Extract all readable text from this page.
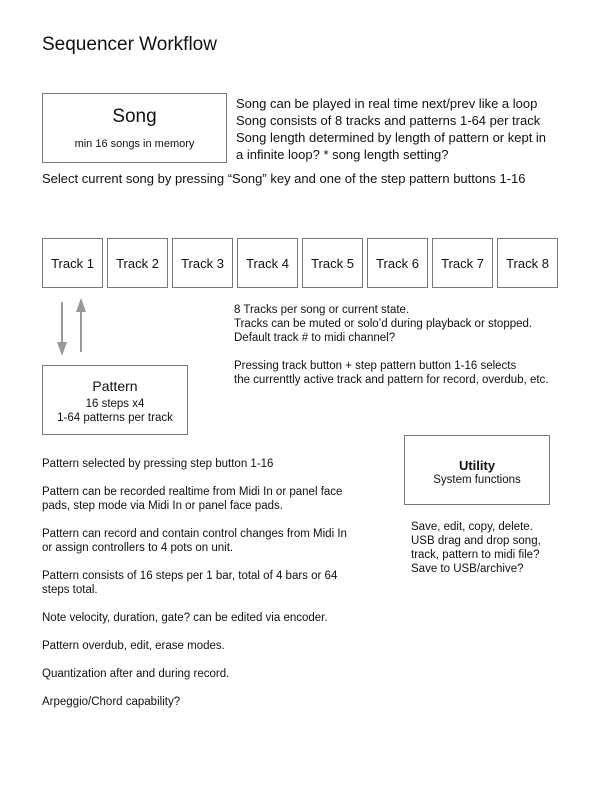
Sequencer Workflow
Song
min 16 songs in memory
Song can be played in real time next/prev like a loop
Song consists of 8 tracks and patterns 1-64 per track
Song length determined by length of pattern or kept in
a infinite loop? * song length setting?
Select current song by pressing “Song” key and one of the step pattern buttons 1-16
Track 1	Track 2	Track 3	Track 4	Track 5	Track 6	Track 7	Track 8

8 Tracks per song or current state.

Tracks can be muted or solo’d during playback or stopped.

Default track # to midi channel?

Pressing track button + step pattern button 1-16 selects

the currenttly active track and pattern for record, overdub, etc.

Pattern
16 steps x4
1-64 patterns per track

Pattern selected by pressing step button 1-16

Pattern can be recorded realtime from Midi In or panel face pads, step mode via Midi In or panel face pads.

Pattern can record and contain control changes from Midi In or assign controllers to 4 pots on unit.

Pattern consists of 16 steps per 1 bar, total of 4 bars or 64 steps total.

Note velocity, duration, gate? can be edited via encoder.

Pattern overdub, edit, erase modes.

Quantization after and during record.

Arpeggio/Chord capability?

Utility
System functions

Save, edit, copy, delete.

USB drag and drop song,

track, pattern to midi file?

Save to USB/archive?
